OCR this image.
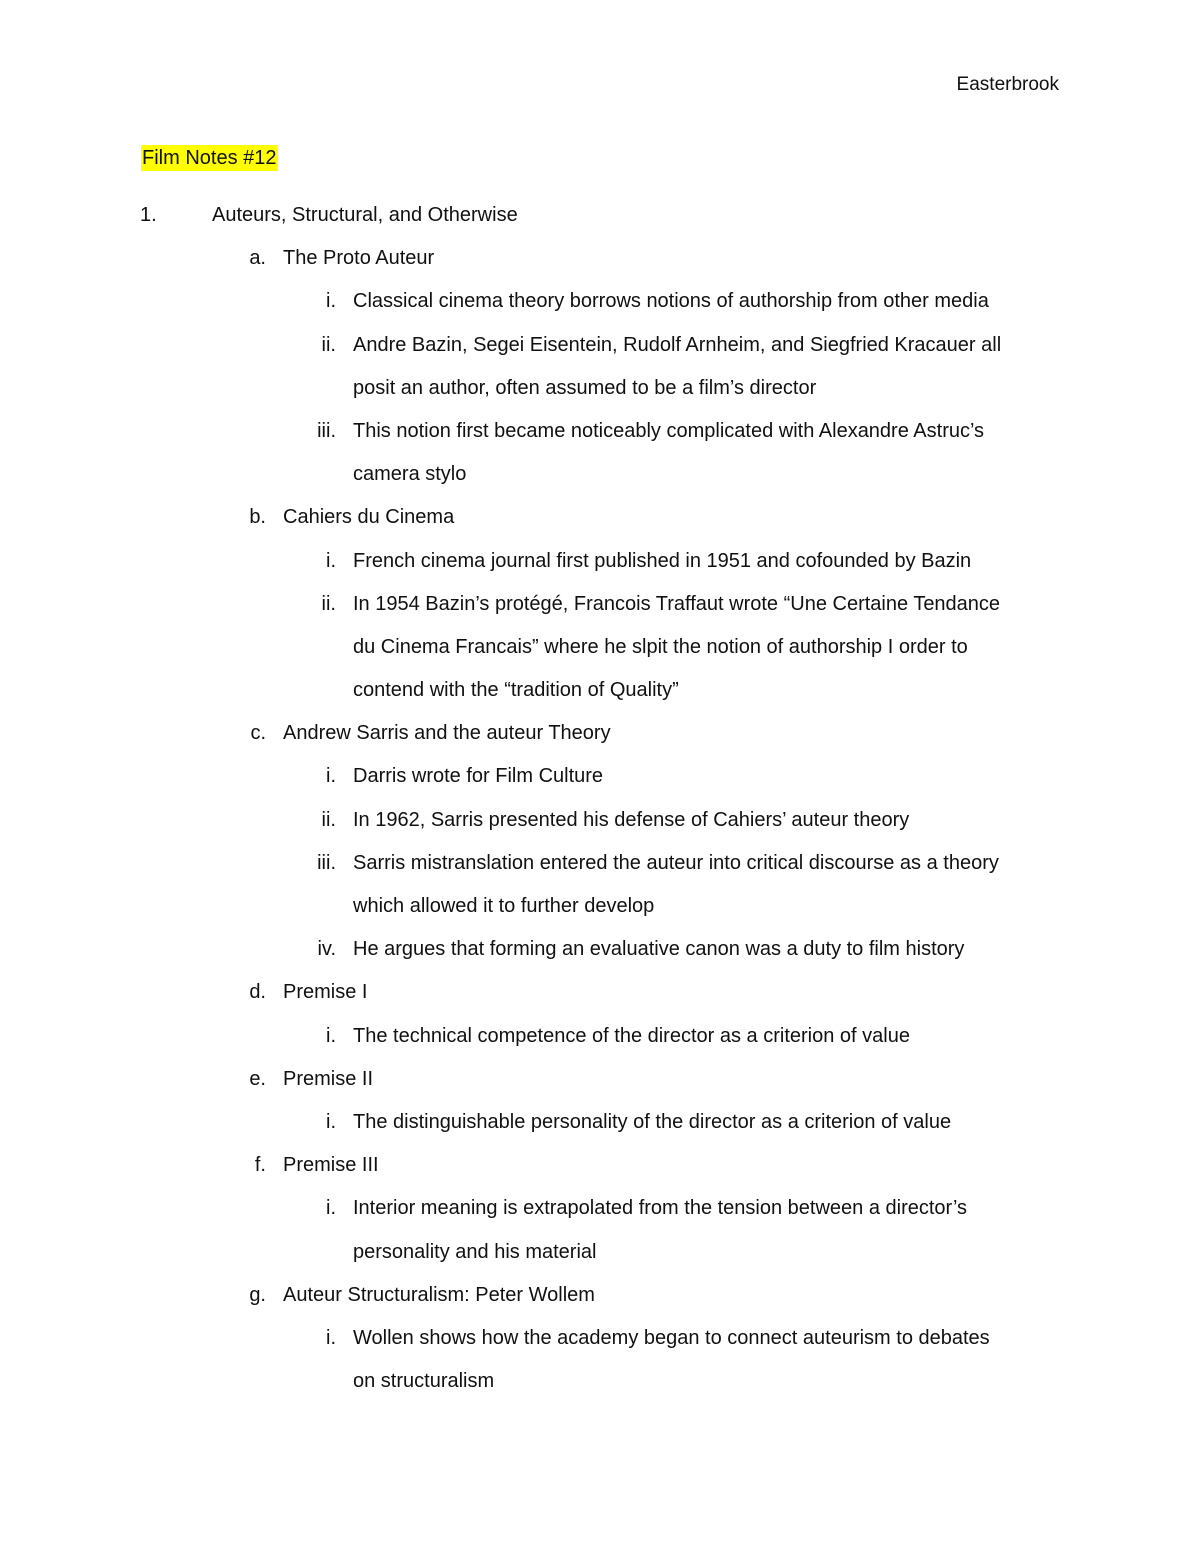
Easterbrook
Film Notes #12
1.	Auteurs, Structural, and Otherwise
a. The Proto Auteur
i. Classical cinema theory borrows notions of authorship from other media
ii. Andre Bazin, Segei Eisentein, Rudolf Arnheim, and Siegfried Kracauer all
posit an author, often assumed to be a film’s director
iii. This notion first became noticeably complicated with Alexandre Astruc’s
camera stylo
b. Cahiers du Cinema
i. French cinema journal first published in 1951 and cofounded by Bazin
ii. In 1954 Bazin’s protégé, Francois Traffaut wrote “Une Certaine Tendance
du Cinema Francais” where he slpit the notion of authorship I order to
contend with the “tradition of Quality”
c. Andrew Sarris and the auteur Theory
i. Darris wrote for Film Culture
ii. In 1962, Sarris presented his defense of Cahiers’ auteur theory
iii. Sarris mistranslation entered the auteur into critical discourse as a theory
which allowed it to further develop
iv. He argues that forming an evaluative canon was a duty to film history
d. Premise I
i. The technical competence of the director as a criterion of value
e. Premise II
i. The distinguishable personality of the director as a criterion of value
f. Premise III
i. Interior meaning is extrapolated from the tension between a director’s
personality and his material
g. Auteur Structuralism: Peter Wollem
i. Wollen shows how the academy began to connect auteurism to debates
on structuralism
